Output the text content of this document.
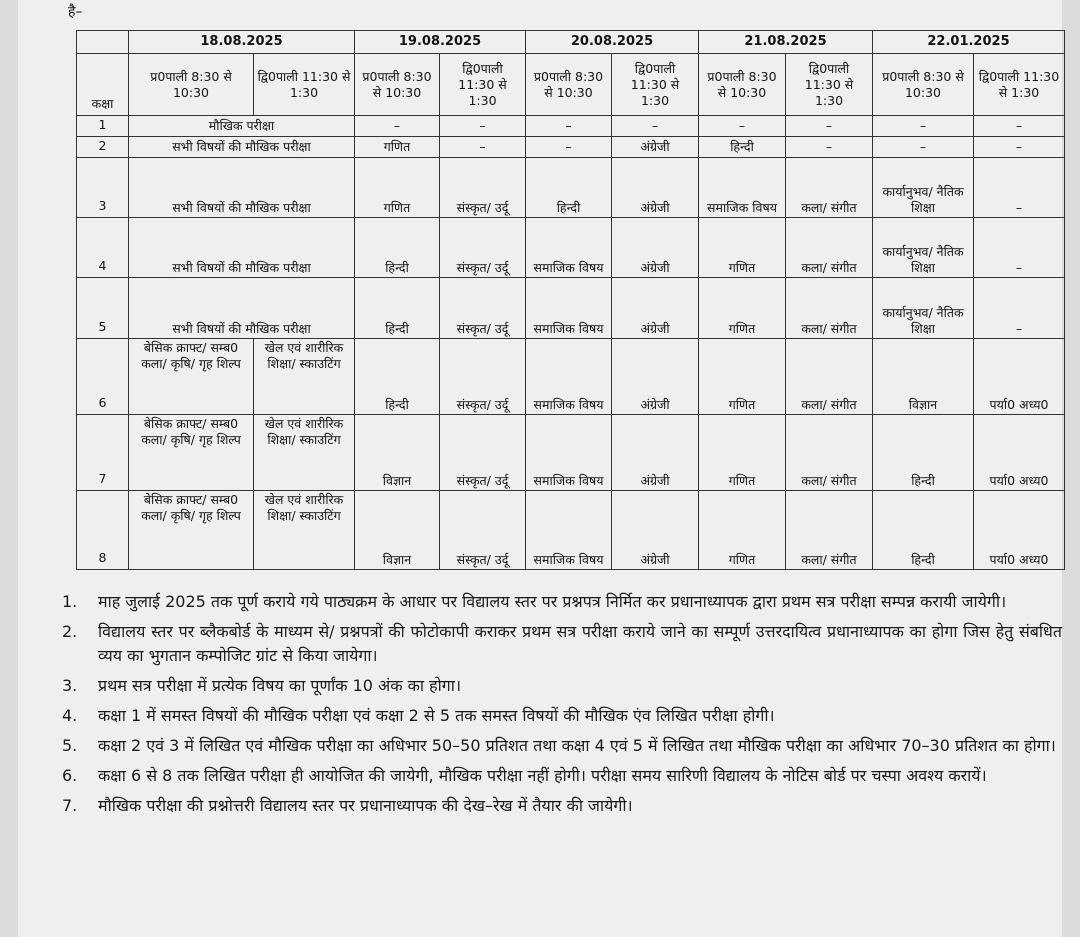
है–
	18.08.2025		19.08.2025		20.08.2025		21.08.2025		22.01.2025	
कक्षा	प्र0पाली 8:30 से 10:30	द्वि0पाली 11:30 से 1:30	प्र0पाली 8:30 से 10:30	द्वि0पाली 11:30 से 1:30	प्र0पाली 8:30 से 10:30	द्वि0पाली 11:30 से 1:30	प्र0पाली 8:30 से 10:30	द्वि0पाली 11:30 से 1:30	प्र0पाली 8:30 से 10:30	द्वि0पाली 11:30 से 1:30
1	मौखिक परीक्षा		–	–	–	–	–	–	–	–
2	सभी विषयों की मौखिक परीक्षा		गणित	–	–	अंग्रेजी	हिन्दी	–	–	–
3	सभी विषयों की मौखिक परीक्षा		गणित	संस्कृत/ उर्दू	हिन्दी	अंग्रेजी	समाजिक विषय	कला/ संगीत	कार्यानुभव/ नैतिक शिक्षा	–
4	सभी विषयों की मौखिक परीक्षा		हिन्दी	संस्कृत/ उर्दू	समाजिक विषय	अंग्रेजी	गणित	कला/ संगीत	कार्यानुभव/ नैतिक शिक्षा	–
5	सभी विषयों की मौखिक परीक्षा		हिन्दी	संस्कृत/ उर्दू	समाजिक विषय	अंग्रेजी	गणित	कला/ संगीत	कार्यानुभव/ नैतिक शिक्षा	–
6	बेसिक क्राफ्ट/ सम्ब0 कला/ कृषि/ गृह शिल्प	खेल एवं शारीरिक शिक्षा/ स्काउटिंग	हिन्दी	संस्कृत/ उर्दू	समाजिक विषय	अंग्रेजी	गणित	कला/ संगीत	विज्ञान	पर्या0 अध्य0
7	बेसिक क्राफ्ट/ सम्ब0 कला/ कृषि/ गृह शिल्प	खेल एवं शारीरिक शिक्षा/ स्काउटिंग	विज्ञान	संस्कृत/ उर्दू	समाजिक विषय	अंग्रेजी	गणित	कला/ संगीत	हिन्दी	पर्या0 अध्य0
8	बेसिक क्राफ्ट/ सम्ब0 कला/ कृषि/ गृह शिल्प	खेल एवं शारीरिक शिक्षा/ स्काउटिंग	विज्ञान	संस्कृत/ उर्दू	समाजिक विषय	अंग्रेजी	गणित	कला/ संगीत	हिन्दी	पर्या0 अध्य0
1.	माह जुलाई 2025 तक पूर्ण कराये गये पाठ्यक्रम के आधार पर विद्यालय स्तर पर प्रश्नपत्र निर्मित कर प्रधानाध्यापक द्वारा प्रथम सत्र परीक्षा सम्पन्न करायी जायेगी।
2.	विद्यालय स्तर पर ब्लैकबोर्ड के माध्यम से/ प्रश्नपत्रों की फोटोकापी कराकर प्रथम सत्र परीक्षा कराये जाने का सम्पूर्ण उत्तरदायित्व प्रधानाध्यापक का होगा जिस हेतु संबधित व्यय का भुगतान कम्पोजिट ग्रांट से किया जायेगा।
3.	प्रथम सत्र परीक्षा में प्रत्येक विषय का पूर्णांक 10 अंक का होगा।
4.	कक्षा 1 में समस्त विषयों की मौखिक परीक्षा एवं कक्षा 2 से 5 तक समस्त विषयों की मौखिक एंव लिखित परीक्षा होगी।
5.	कक्षा 2 एवं 3 में लिखित एवं मौखिक परीक्षा का अधिभार 50–50 प्रतिशत तथा कक्षा 4 एवं 5 में लिखित तथा मौखिक परीक्षा का अधिभार 70–30 प्रतिशत का होगा।
6.	कक्षा 6 से 8 तक लिखित परीक्षा ही आयोजित की जायेगी, मौखिक परीक्षा नहीं होगी। परीक्षा समय सारिणी विद्यालय के नोटिस बोर्ड पर चस्पा अवश्य करायें।
7.	मौखिक परीक्षा की प्रश्नोत्तरी विद्यालय स्तर पर प्रधानाध्यापक की देख–रेख में तैयार की जायेगी।
